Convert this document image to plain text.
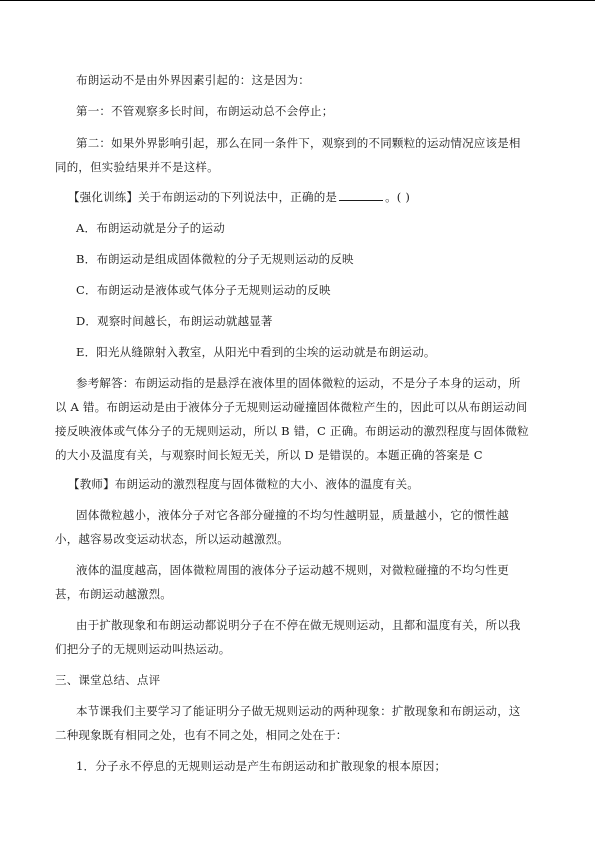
布朗运动不是由外界因素引起的：这是因为：
第一：不管观察多长时间，布朗运动总不会停止；
第二：如果外界影响引起，那么在同一条件下，观察到的不同颗粒的运动情况应该是相
同的，但实验结果并不是这样。
【强化训练】关于布朗运动的下列说法中，正确的是	。( )
A．布朗运动就是分子的运动
B．布朗运动是组成固体微粒的分子无规则运动的反映
C．布朗运动是液体或气体分子无规则运动的反映
D．观察时间越长，布朗运动就越显著
E．阳光从缝隙射入教室，从阳光中看到的尘埃的运动就是布朗运动。
参考解答：布朗运动指的是悬浮在液体里的固体微粒的运动，不是分子本身的运动，所
以 A 错。布朗运动是由于液体分子无规则运动碰撞固体微粒产生的，因此可以从布朗运动间
接反映液体或气体分子的无规则运动，所以 B 错，C 正确。布朗运动的激烈程度与固体微粒
的大小及温度有关，与观察时间长短无关，所以 D 是错误的。本题正确的答案是 C
【教师】布朗运动的激烈程度与固体微粒的大小、液体的温度有关。
固体微粒越小，液体分子对它各部分碰撞的不均匀性越明显，质量越小，它的惯性越
小，越容易改变运动状态，所以运动越激烈。
液体的温度越高，固体微粒周围的液体分子运动越不规则，对微粒碰撞的不均匀性更
甚，布朗运动越激烈。
由于扩散现象和布朗运动都说明分子在不停在做无规则运动，且都和温度有关，所以我
们把分子的无规则运动叫热运动。
三、课堂总结、点评
本节课我们主要学习了能证明分子做无规则运动的两种现象：扩散现象和布朗运动，这
二种现象既有相同之处，也有不同之处，相同之处在于：
1．分子永不停息的无规则运动是产生布朗运动和扩散现象的根本原因；
